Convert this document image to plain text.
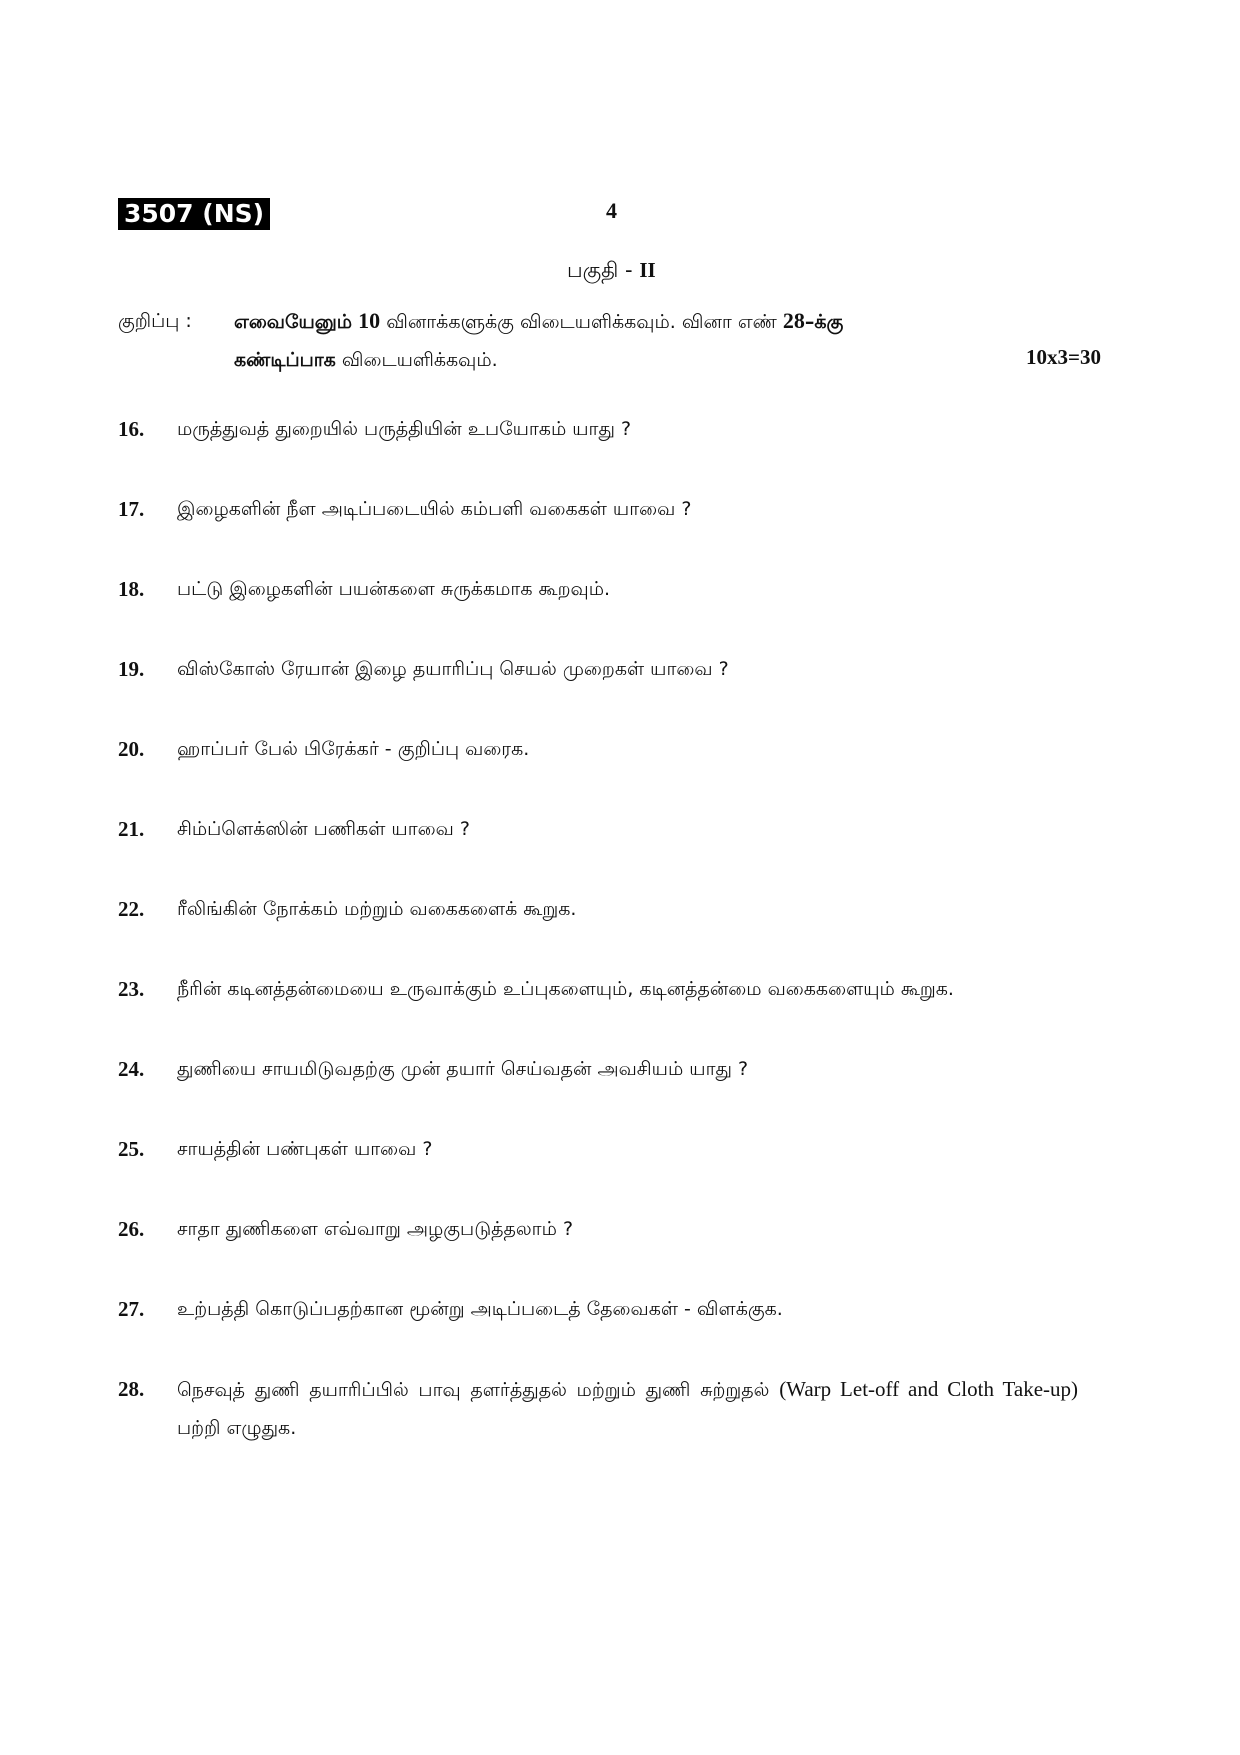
3507 (NS)	4
பகுதி - II
குறிப்பு : எவையேனும் 10 வினாக்களுக்கு விடையளிக்கவும். வினா எண் 28–க்கு
கண்டிப்பாக விடையளிக்கவும்.	10x3=30
16. மருத்துவத் துறையில் பருத்தியின் உபயோகம் யாது ?
17. இழைகளின் நீள அடிப்படையில் கம்பளி வகைகள் யாவை ?
18. பட்டு இழைகளின் பயன்களை சுருக்கமாக கூறவும்.
19. விஸ்கோஸ் ரேயான் இழை தயாரிப்பு செயல் முறைகள் யாவை ?
20. ஹாப்பர் பேல் பிரேக்கர் - குறிப்பு வரைக.
21. சிம்ப்ளெக்ஸின் பணிகள் யாவை ?
22. ரீலிங்கின் நோக்கம் மற்றும் வகைகளைக் கூறுக.
23. நீரின் கடினத்தன்மையை உருவாக்கும் உப்புகளையும், கடினத்தன்மை வகைகளையும் கூறுக.
24. துணியை சாயமிடுவதற்கு முன் தயார் செய்வதன் அவசியம் யாது ?
25. சாயத்தின் பண்புகள் யாவை ?
26. சாதா துணிகளை எவ்வாறு அழகுபடுத்தலாம் ?
27. உற்பத்தி கொடுப்பதற்கான மூன்று அடிப்படைத் தேவைகள் - விளக்குக.
28. நெசவுத் துணி தயாரிப்பில் பாவு தளர்த்துதல் மற்றும் துணி சுற்றுதல் (Warp Let-off and Cloth Take-up) பற்றி எழுதுக.
